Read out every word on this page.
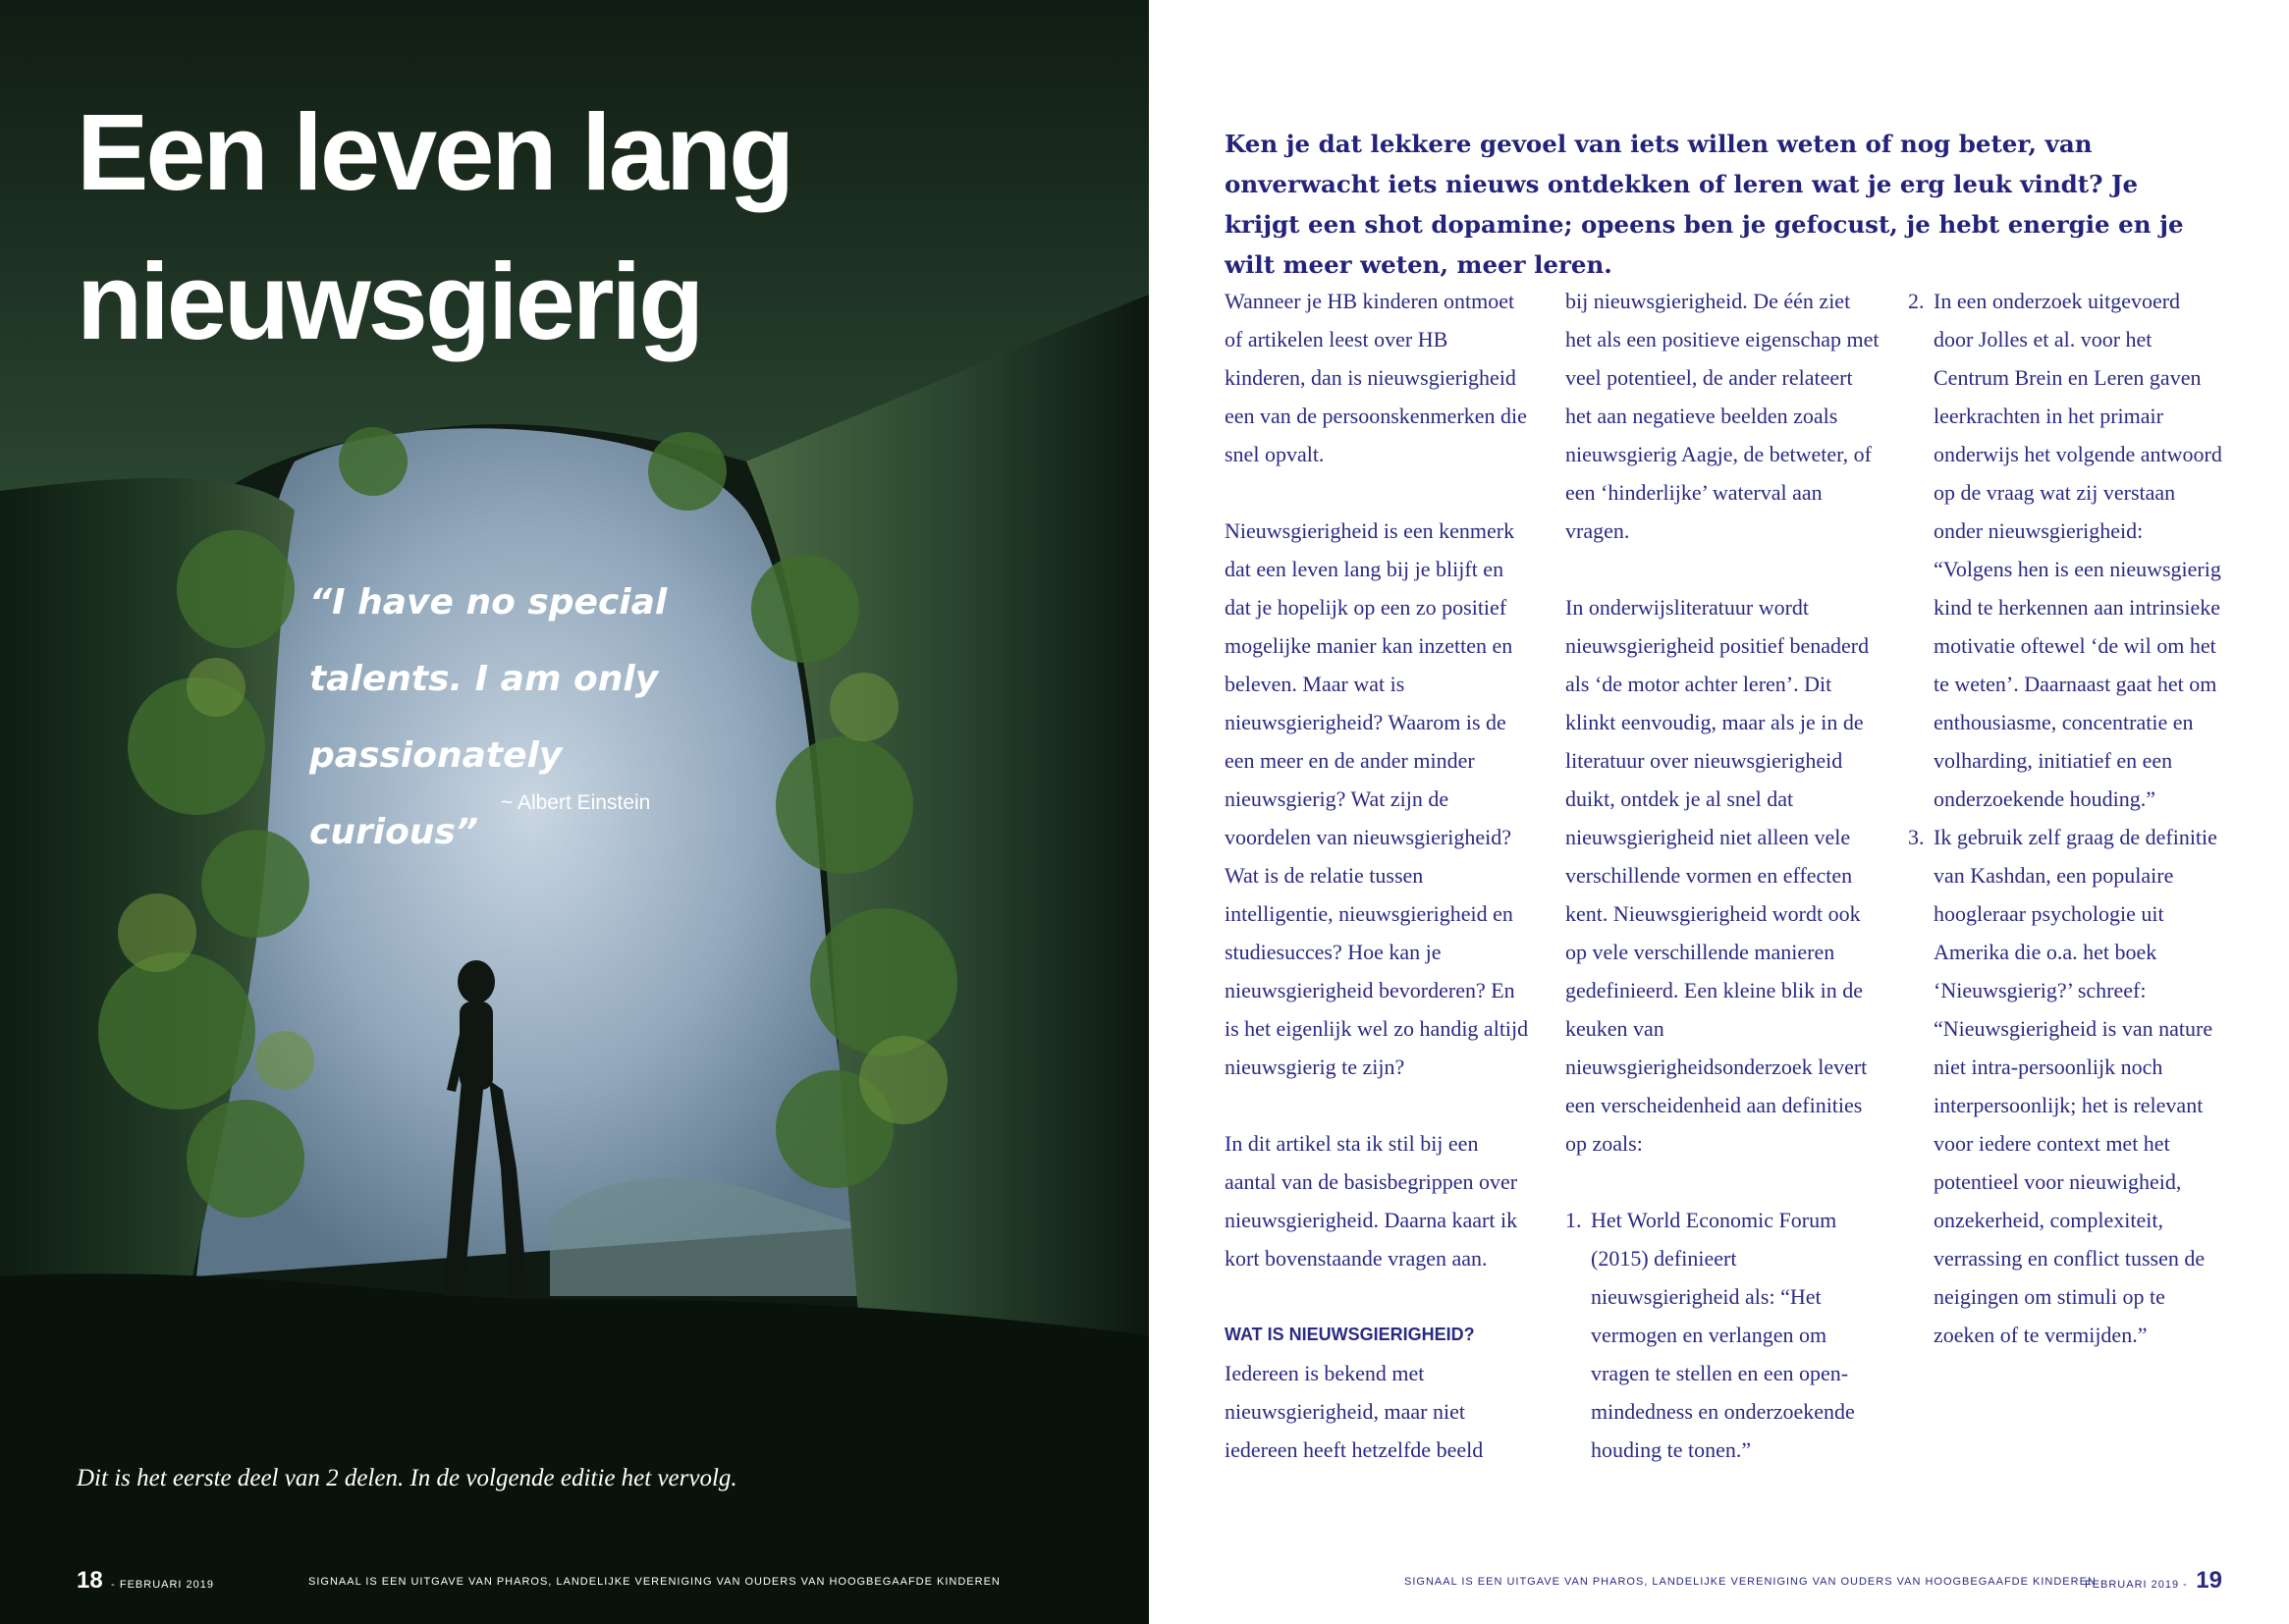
Een leven lang
nieuwsgierig
“I have no special
talents. I am only
passionately curious”
~ Albert Einstein
Dit is het eerste deel van 2 delen. In de volgende editie het vervolg.
18 - FEBRUARI 2019	SIGNAAL IS EEN UITGAVE VAN PHAROS, LANDELIJKE VERENIGING VAN OUDERS VAN HOOGBEGAAFDE KINDEREN

Ken je dat lekkere gevoel van iets willen weten of nog beter, van onverwacht iets nieuws ontdekken of leren wat je erg leuk vindt? Je krijgt een shot dopamine; opeens ben je gefocust, je hebt energie en je wilt meer weten, meer leren.

Wanneer je HB kinderen ontmoet of artikelen leest over HB kinderen, dan is nieuwsgierigheid een van de persoonskenmerken die snel opvalt.

Nieuwsgierigheid is een kenmerk dat een leven lang bij je blijft en dat je hopelijk op een zo positief mogelijke manier kan inzetten en beleven. Maar wat is nieuwsgierigheid? Waarom is de een meer en de ander minder nieuwsgierig? Wat zijn de voordelen van nieuwsgierigheid? Wat is de relatie tussen intelligentie, nieuwsgierigheid en studiesucces? Hoe kan je nieuwsgierigheid bevorderen? En is het eigenlijk wel zo handig altijd nieuwsgierig te zijn?

In dit artikel sta ik stil bij een aantal van de basisbegrippen over nieuwsgierigheid. Daarna kaart ik kort bovenstaande vragen aan.

WAT IS NIEUWSGIERIGHEID?

Iedereen is bekend met nieuwsgierigheid, maar niet iedereen heeft hetzelfde beeld

bij nieuwsgierigheid. De één ziet het als een positieve eigenschap met veel potentieel, de ander relateert het aan negatieve beelden zoals nieuwsgierig Aagje, de betweter, of een ‘hinderlijke’ waterval aan vragen.

In onderwijsliteratuur wordt nieuwsgierigheid positief benaderd als ‘de motor achter leren’. Dit klinkt eenvoudig, maar als je in de literatuur over nieuwsgierigheid duikt, ontdek je al snel dat nieuwsgierigheid niet alleen vele verschillende vormen en effecten kent. Nieuwsgierigheid wordt ook op vele verschillende manieren gedefinieerd. Een kleine blik in de keuken van nieuwsgierigheidsonderzoek levert een verscheidenheid aan definities op zoals:

1. Het World Economic Forum (2015) definieert nieuwsgierigheid als: “Het vermogen en verlangen om vragen te stellen en een open-mindedness en onderzoekende houding te tonen.”

2. In een onderzoek uitgevoerd door Jolles et al. voor het Centrum Brein en Leren gaven leerkrachten in het primair onderwijs het volgende antwoord op de vraag wat zij verstaan onder nieuwsgierigheid: “Volgens hen is een nieuwsgierig kind te herkennen aan intrinsieke motivatie oftewel ‘de wil om het te weten’. Daarnaast gaat het om enthousiasme, concentratie en volharding, initiatief en een onderzoekende houding.”

3. Ik gebruik zelf graag de definitie van Kashdan, een populaire hoogleraar psychologie uit Amerika die o.a. het boek ‘Nieuwsgierig?’ schreef: “Nieuwsgierigheid is van nature niet intra-persoonlijk noch interpersoonlijk; het is relevant voor iedere context met het potentieel voor nieuwigheid, onzekerheid, complexiteit, verrassing en conflict tussen de neigingen om stimuli op te zoeken of te vermijden.”

SIGNAAL IS EEN UITGAVE VAN PHAROS, LANDELIJKE VERENIGING VAN OUDERS VAN HOOGBEGAAFDE KINDEREN
FEBRUARI 2019 - 19
